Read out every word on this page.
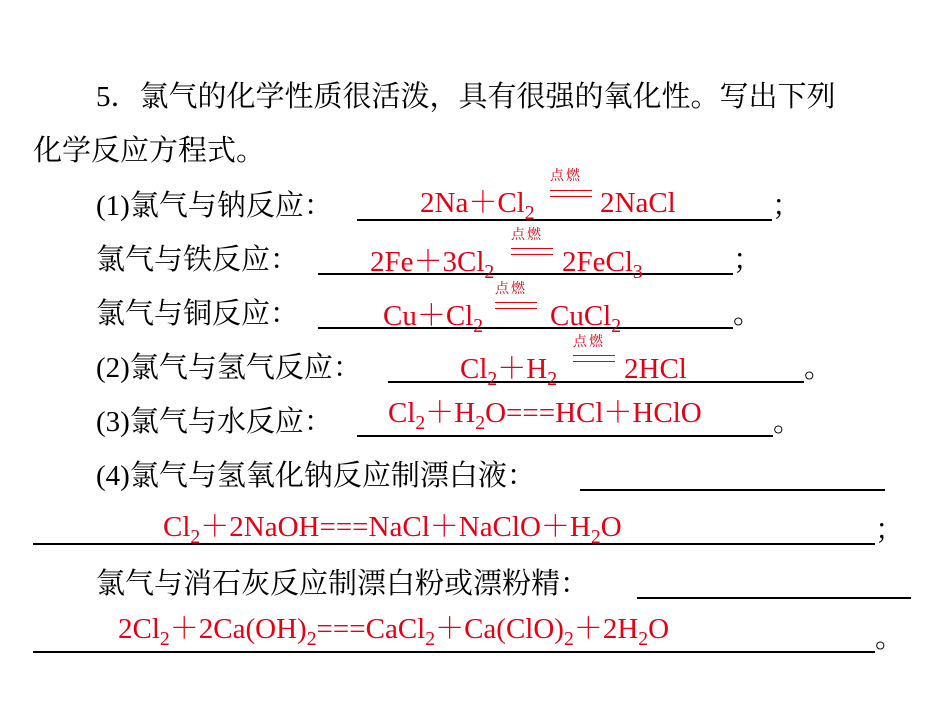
5．氯气的化学性质很活泼，具有很强的氧化性。写出下列
化学反应方程式。
(1)氯气与钠反应：	$2Na+Cl_2$
点燃
2NaCl	；
氯气与铁反应： $2Fe+3Cl_2$
点燃
2FeCl$_3$	；
氯气与铜反应：	$Cu+Cl_2$
点燃
CuCl$_2$	。
(2)氯气与氢气反应：	$Cl_2+H_2$
点燃
2HCl	。
(3)氯气与水反应： $Cl_2+H_2O===HCl+HClO$ 。
(4)氯气与氢氧化钠反应制漂白液：
$Cl_2+2NaOH===NaCl+NaClO+H_2O$	；
氯气与消石灰反应制漂白粉或漂粉精：
$2Cl_2+2Ca(OH)_2===CaCl_2+Ca(ClO)_2+2H_2O$	。
